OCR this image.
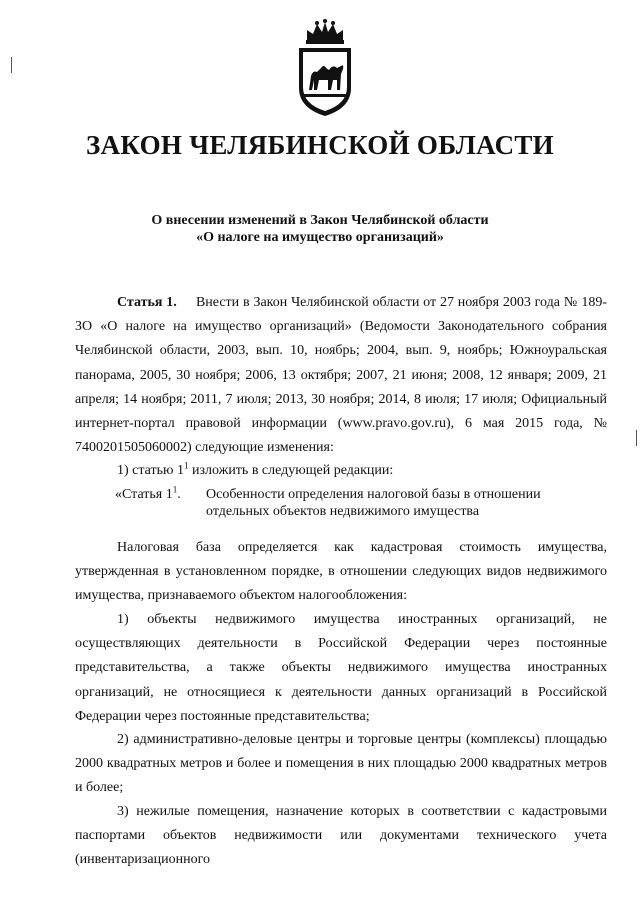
ЗАКОН ЧЕЛЯБИНСКОЙ ОБЛАСТИ
О внесении изменений в Закон Челябинской области
«О налоге на имущество организаций»

Статья 1. Внести в Закон Челябинской области от 27 ноября 2003 года № 189-ЗО «О налоге на имущество организаций» (Ведомости Законодательного собрания Челябинской области, 2003, вып. 10, ноябрь; 2004, вып. 9, ноябрь; Южноуральская панорама, 2005, 30 ноября; 2006, 13 октября; 2007, 21 июня; 2008, 12 января; 2009, 21 апреля; 14 ноября; 2011, 7 июля; 2013, 30 ноября; 2014, 8 июля; 17 июля; Официальный интернет-портал правовой информации (www.pravo.gov.ru), 6 мая 2015 года, № 7400201505060002) следующие изменения:

1) статью $1^1$ изложить в следующей редакции:

«Статья $1^1$. Особенности определения налоговой базы в отношении отдельных объектов недвижимого имущества

Налоговая база определяется как кадастровая стоимость имущества, утвержденная в установленном порядке, в отношении следующих видов недвижимого имущества, признаваемого объектом налогообложения:

1) объекты недвижимого имущества иностранных организаций, не осуществляющих деятельности в Российской Федерации через постоянные представительства, а также объекты недвижимого имущества иностранных организаций, не относящиеся к деятельности данных организаций в Российской Федерации через постоянные представительства;

2) административно-деловые центры и торговые центры (комплексы) площадью 2000 квадратных метров и более и помещения в них площадью 2000 квадратных метров и более;

3) нежилые помещения, назначение которых в соответствии с кадастровыми паспортами объектов недвижимости или документами технического учета (инвентаризационного
